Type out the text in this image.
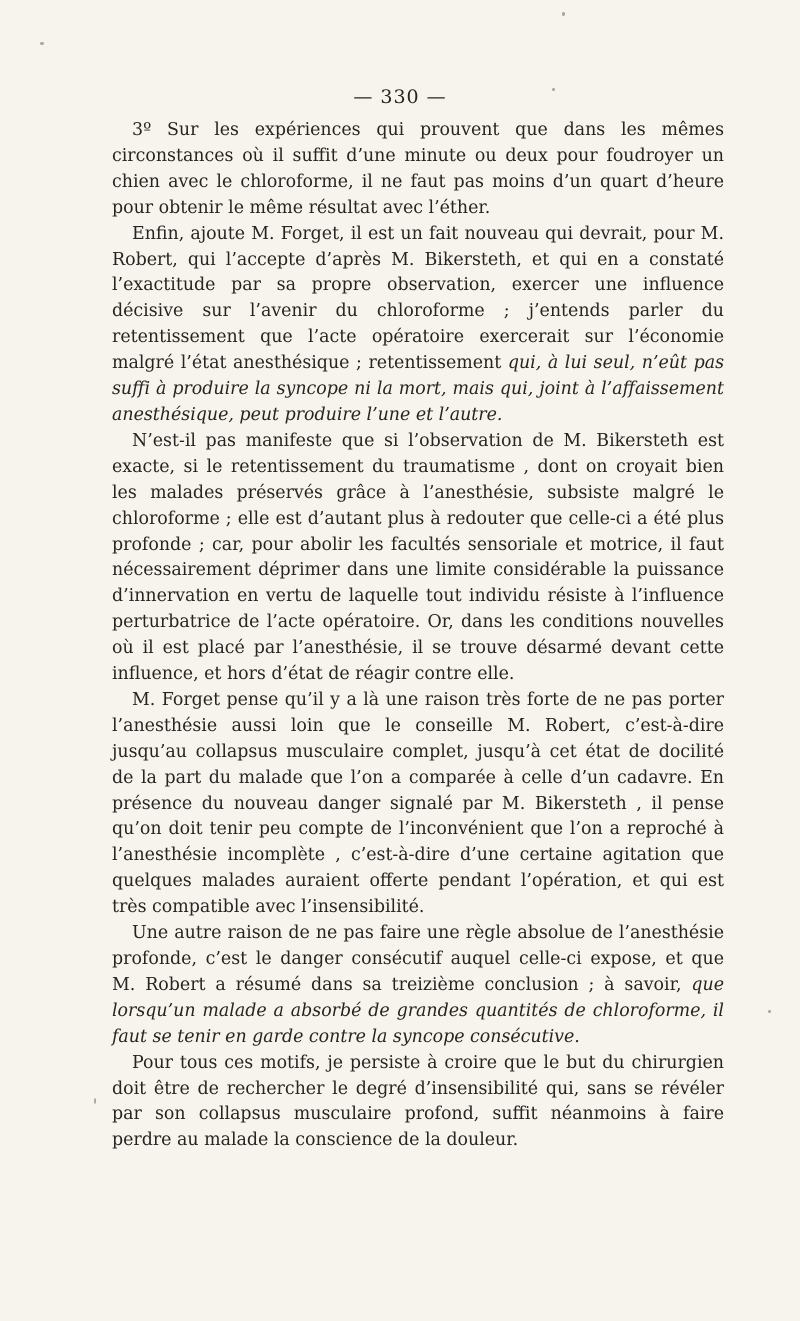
— 330 —

3º Sur les expériences qui prouvent que dans les mêmes circonstances où il suffit d’une minute ou deux pour foudroyer un chien avec le chloroforme, il ne faut pas moins d’un quart d’heure pour obtenir le même résultat avec l’éther.

Enfin, ajoute M. Forget, il est un fait nouveau qui devrait, pour M. Robert, qui l’accepte d’après M. Bikersteth, et qui en a constaté l’exactitude par sa propre observation, exercer une influence décisive sur l’avenir du chloroforme ; j’entends parler du retentissement que l’acte opératoire exercerait sur l’économie malgré l’état anesthésique ; retentissement qui, à lui seul, n’eût pas suffi à produire la syncope ni la mort, mais qui, joint à l’affaissement anesthésique, peut produire l’une et l’autre.

N’est-il pas manifeste que si l’observation de M. Bikersteth est exacte, si le retentissement du traumatisme , dont on croyait bien les malades préservés grâce à l’anesthésie, subsiste malgré le chloroforme ; elle est d’autant plus à redouter que celle-ci a été plus profonde ; car, pour abolir les facultés sensoriale et motrice, il faut nécessairement déprimer dans une limite considérable la puissance d’innervation en vertu de laquelle tout individu résiste à l’influence perturbatrice de l’acte opératoire. Or, dans les conditions nouvelles où il est placé par l’anesthésie, il se trouve désarmé devant cette influence, et hors d’état de réagir contre elle.

M. Forget pense qu’il y a là une raison très forte de ne pas porter l’anesthésie aussi loin que le conseille M. Robert, c’est-à-dire jusqu’au collapsus musculaire complet, jusqu’à cet état de docilité de la part du malade que l’on a comparée à celle d’un cadavre. En présence du nouveau danger signalé par M. Bikersteth , il pense qu’on doit tenir peu compte de l’inconvénient que l’on a reproché à l’anesthésie incomplète , c’est-à-dire d’une certaine agitation que quelques malades auraient offerte pendant l’opération, et qui est très compatible avec l’insensibilité.

Une autre raison de ne pas faire une règle absolue de l’anesthésie profonde, c’est le danger consécutif auquel celle-ci expose, et que M. Robert a résumé dans sa treizième conclusion ; à savoir, que lorsqu’un malade a absorbé de grandes quantités de chloroforme, il faut se tenir en garde contre la syncope consécutive.

Pour tous ces motifs, je persiste à croire que le but du chirurgien doit être de rechercher le degré d’insensibilité qui, sans se révéler par son collapsus musculaire profond, suffit néanmoins à faire perdre au malade la conscience de la douleur.
